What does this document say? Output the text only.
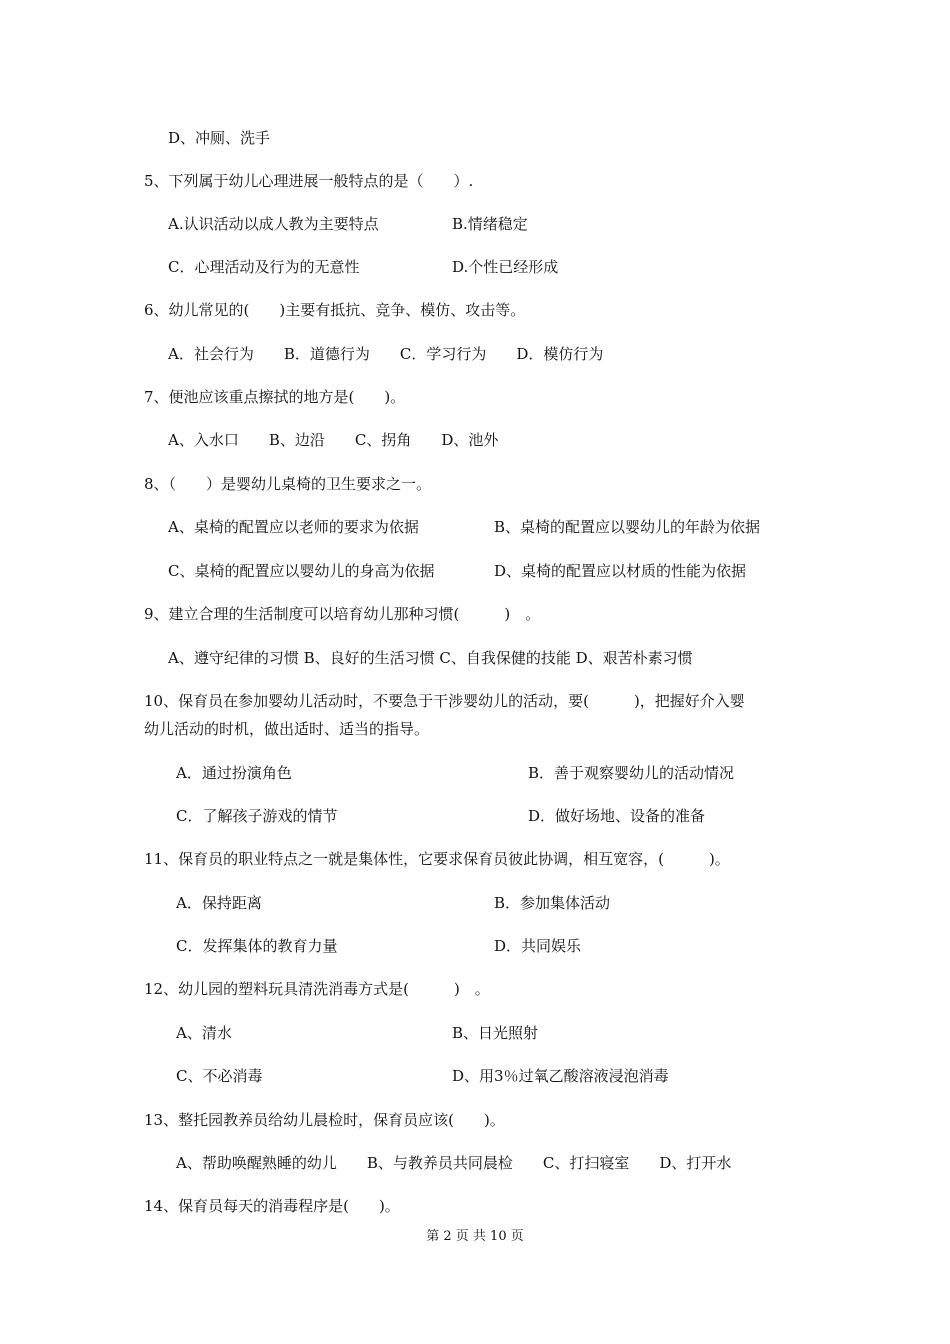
D、冲厕、洗手
5、下列属于幼儿心理进展一般特点的是（　　）.
A.认识活动以成人教为主要特点	B.情绪稳定
C．心理活动及行为的无意性	D.个性已经形成
6、幼儿常见的(　　)主要有抵抗、竞争、模仿、攻击等。
A．社会行为　　B．道德行为　　C．学习行为　　D．模仿行为
7、便池应该重点擦拭的地方是(　　)。
A、入水口　　B、边沿　　C、拐角　　D、池外
8、（　　）是婴幼儿桌椅的卫生要求之一。
A、桌椅的配置应以老师的要求为依据	B、桌椅的配置应以婴幼儿的年龄为依据
C、桌椅的配置应以婴幼儿的身高为依据	D、桌椅的配置应以材质的性能为依据
9、建立合理的生活制度可以培育幼儿那种习惯(　　　)　。
A、遵守纪律的习惯 B、良好的生活习惯 C、自我保健的技能 D、艰苦朴素习惯
10、保育员在参加婴幼儿活动时，不要急于干涉婴幼儿的活动，要(　　　)，把握好介入婴
幼儿活动的时机，做出适时、适当的指导。
A．通过扮演角色	B．善于观察婴幼儿的活动情况
C．了解孩子游戏的情节	D．做好场地、设备的准备
11、保育员的职业特点之一就是集体性，它要求保育员彼此协调，相互宽容，(　　　)。
A．保持距离	B．参加集体活动
C．发挥集体的教育力量	D．共同娱乐
12、幼儿园的塑料玩具清洗消毒方式是(　　　)　。
A、清水	B、日光照射
C、不必消毒	D、用3％过氧乙酸溶液浸泡消毒
13、整托园教养员给幼儿晨检时，保育员应该(　　)。
A、帮助唤醒熟睡的幼儿　　B、与教养员共同晨检　　C、打扫寝室　　D、打开水
14、保育员每天的消毒程序是(　　)。
第 2 页 共 10 页
